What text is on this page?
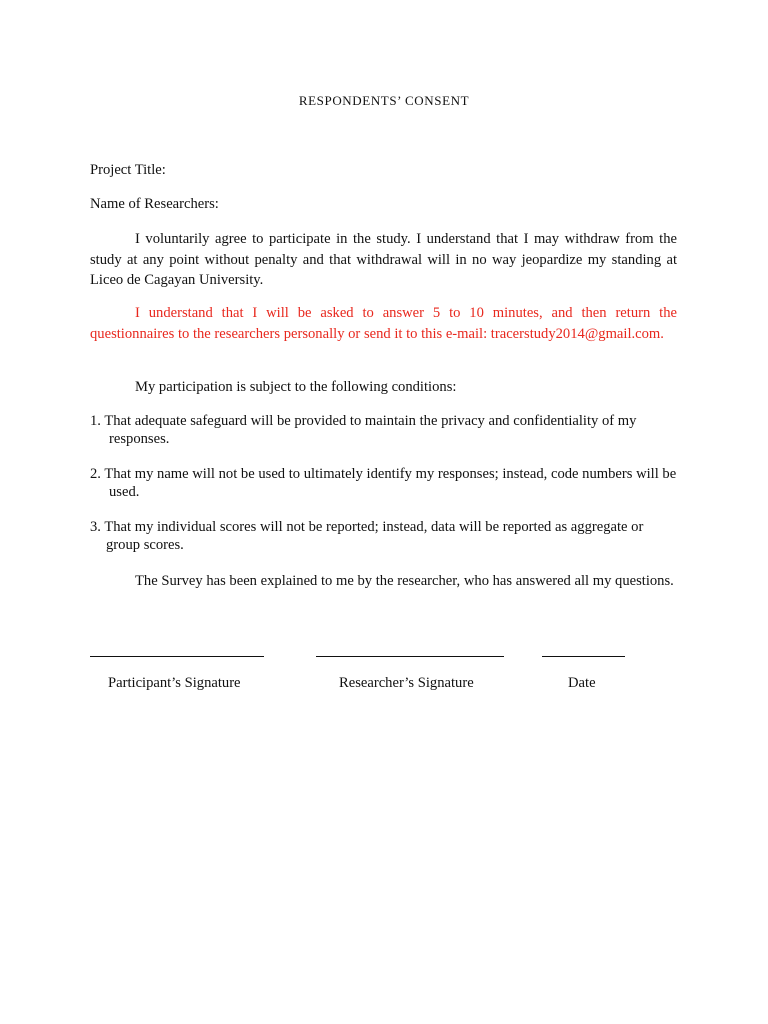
RESPONDENTS’ CONSENT
Project Title:
Name of Researchers:
I voluntarily agree to participate in the study. I understand that I may withdraw from the study at any point without penalty and that withdrawal will in no way jeopardize my standing at Liceo de Cagayan University.
I understand that I will be asked to answer 5 to 10 minutes, and then return the questionnaires to the researchers personally or send it to this e-mail: tracerstudy2014@gmail.com.
My participation is subject to the following conditions:
1. That adequate safeguard will be provided to maintain the privacy and confidentiality of my responses.
2. That my name will not be used to ultimately identify my responses; instead, code numbers will be used.
3. That my individual scores will not be reported; instead, data will be reported as aggregate or group scores.
The Survey has been explained to me by the researcher, who has answered all my questions.
Participant’s Signature	Researcher’s Signature	Date
